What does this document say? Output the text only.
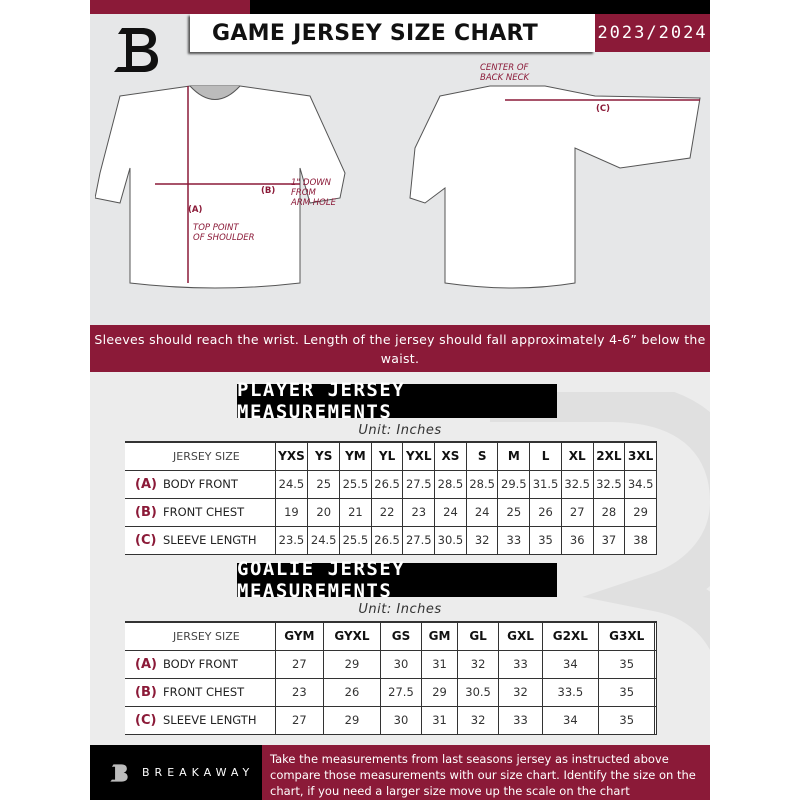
GAME JERSEY SIZE CHART	2023/2024
(A)
TOP POINT
OF SHOULDER
(B)
1" DOWN
FROM
ARM HOLE
CENTER OF
BACK NECK
(C)
Sleeves should reach the wrist. Length of the jersey should fall approximately 4-6” below the waist.
PLAYER JERSEY MEASUREMENTS
Unit: Inches
JERSEY SIZE	YXS	YS	YM	YL	YXL	XS	S	M	L	XL	2XL	3XL
(A) BODY FRONT	24.5	25	25.5	26.5	27.5	28.5	28.5	29.5	31.5	32.5	32.5	34.5
(B) FRONT CHEST	19	20	21	22	23	24	24	25	26	27	28	29
(C) SLEEVE LENGTH	23.5	24.5	25.5	26.5	27.5	30.5	32	33	35	36	37	38
GOALIE JERSEY MEASUREMENTS
Unit: Inches
JERSEY SIZE	GYM	GYXL	GS	GM	GL	GXL	G2XL	G3XL	
(A) BODY FRONT	27	29	30	31	32	33	34	35	
(B) FRONT CHEST	23	26	27.5	29	30.5	32	33.5	35	
(C) SLEEVE LENGTH	27	29	30	31	32	33	34	35	
BREAKAWAY
Take the measurements from last seasons jersey as instructed above compare those measurements with our size chart. Identify the size on the chart, if you need a larger size move up the scale on the chart
